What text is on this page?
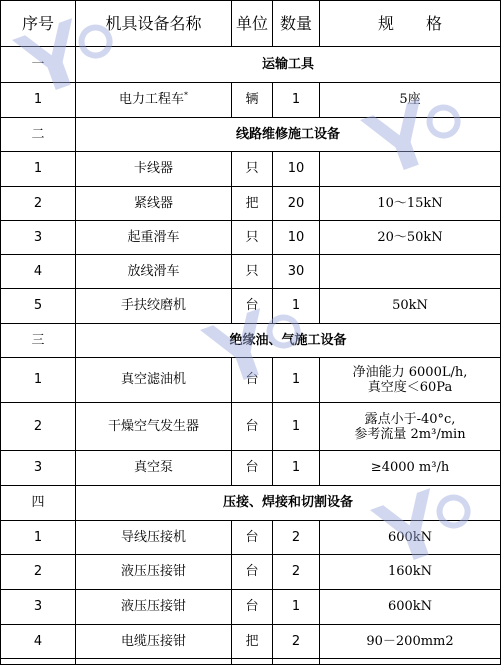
序号	机具设备名称	单位	数量	规　　格
一	运输工具			
1	电力工程车*	辆	1	5座
二	线路维修施工设备			
1	卡线器	只	10	
2	紧线器	把	20	10～15kN
3	起重滑车	只	10	20～50kN
4	放线滑车	只	30	
5	手扶绞磨机	台	1	50kN
三	绝缘油、气施工设备			
1	真空滤油机	台	1	净油能力 6000L/h,
真空度＜60Pa

2	干燥空气发生器	台	1	露点小于-40°c,
参考流量 2m³/min

3	真空泵	台	1	≥4000 m³/h
四	压接、焊接和切割设备			
1	导线压接机	台	2	600kN
2	液压压接钳	台	2	160kN
3	液压压接钳	台	1	600kN
4	电缆压接钳	把	2	90－200mm2
